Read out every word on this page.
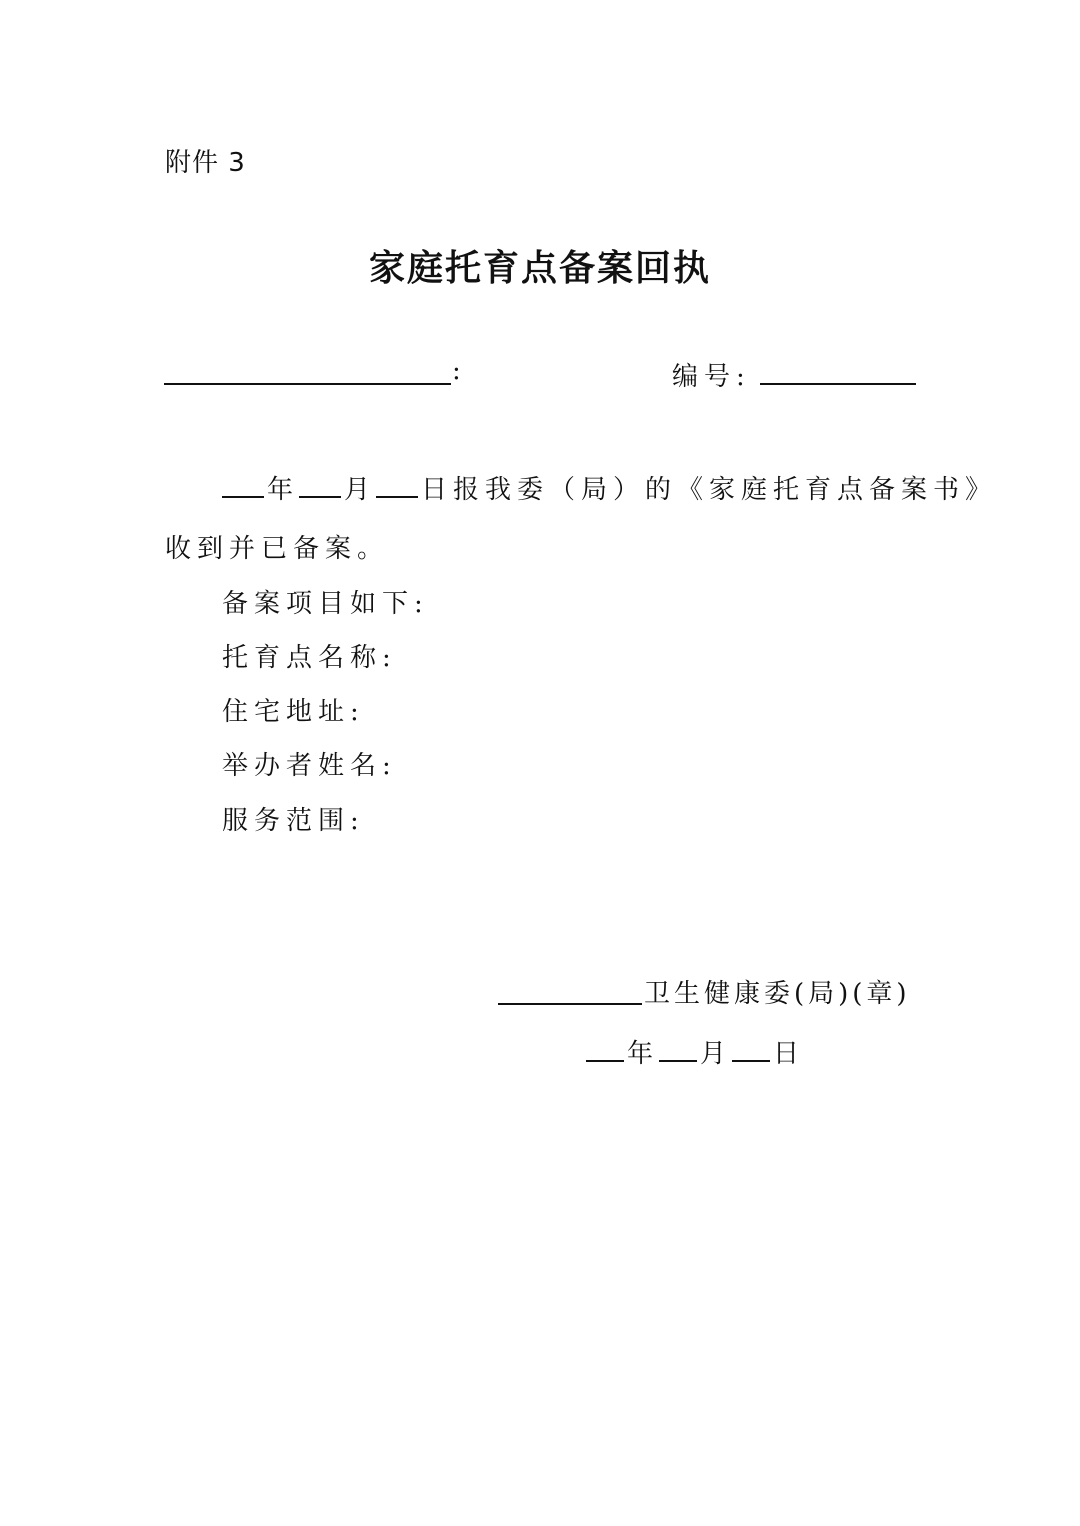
附件 3
家庭托育点备案回执
:	编号:
年 月 日报我委（局）的《家庭托育点备案书》
收到并已备案。
备案项目如下:
托育点名称:
住宅地址:
举办者姓名:
服务范围:
卫生健康委(局)(章)
年 月 日
